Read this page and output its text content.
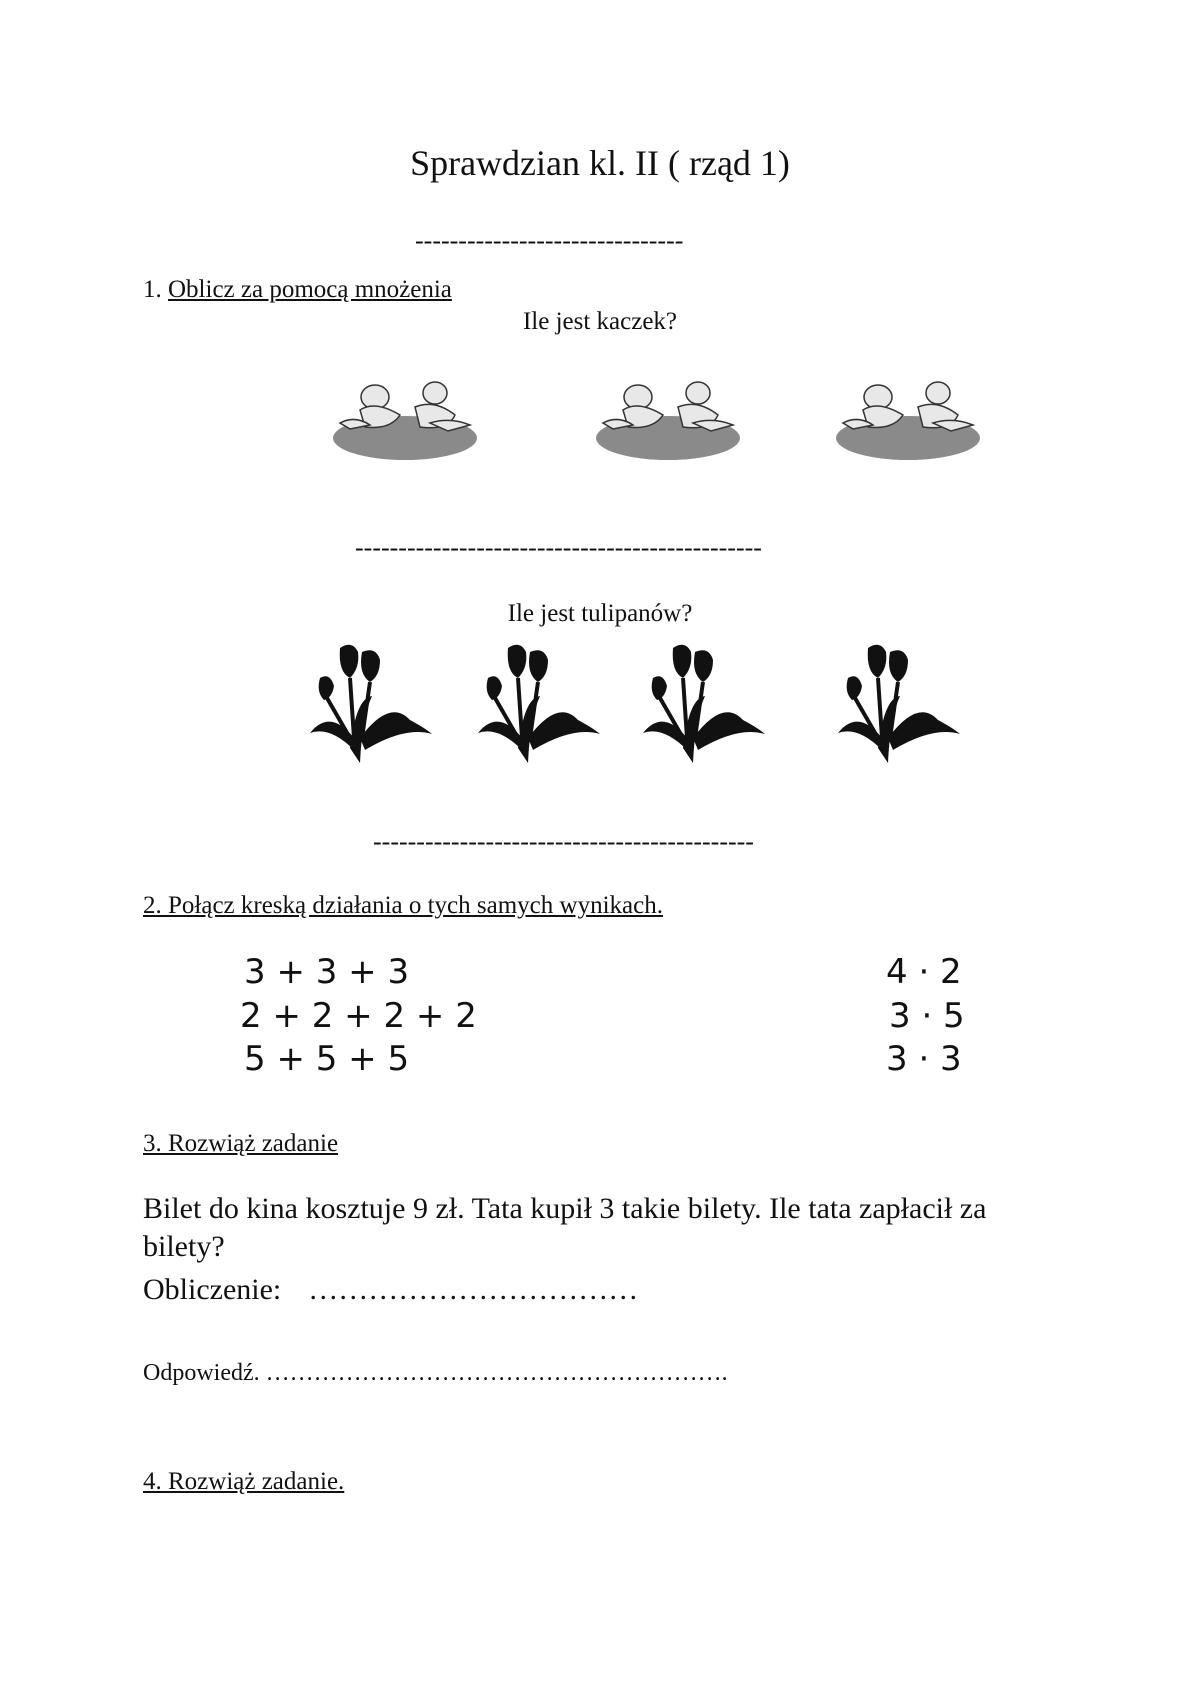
Sprawdzian kl. II ( rząd 1)
-------------------------------
1. Oblicz za pomocą mnożenia
Ile jest kaczek?
-----------------------------------------------
Ile jest tulipanów?
--------------------------------------------
2. Połącz kreską działania o tych samych wynikach.
3 + 3 + 3
2 + 2 + 2 + 2
5 + 5 + 5
4 · 2
3 · 5
3 · 3
3. Rozwiąż zadanie
Bilet do kina kosztuje 9 zł. Tata kupił 3 takie bilety. Ile tata zapłacił za
bilety?
Obliczenie: ……………………………
Odpowiedź. ………………………………………………….
4. Rozwiąż zadanie.
